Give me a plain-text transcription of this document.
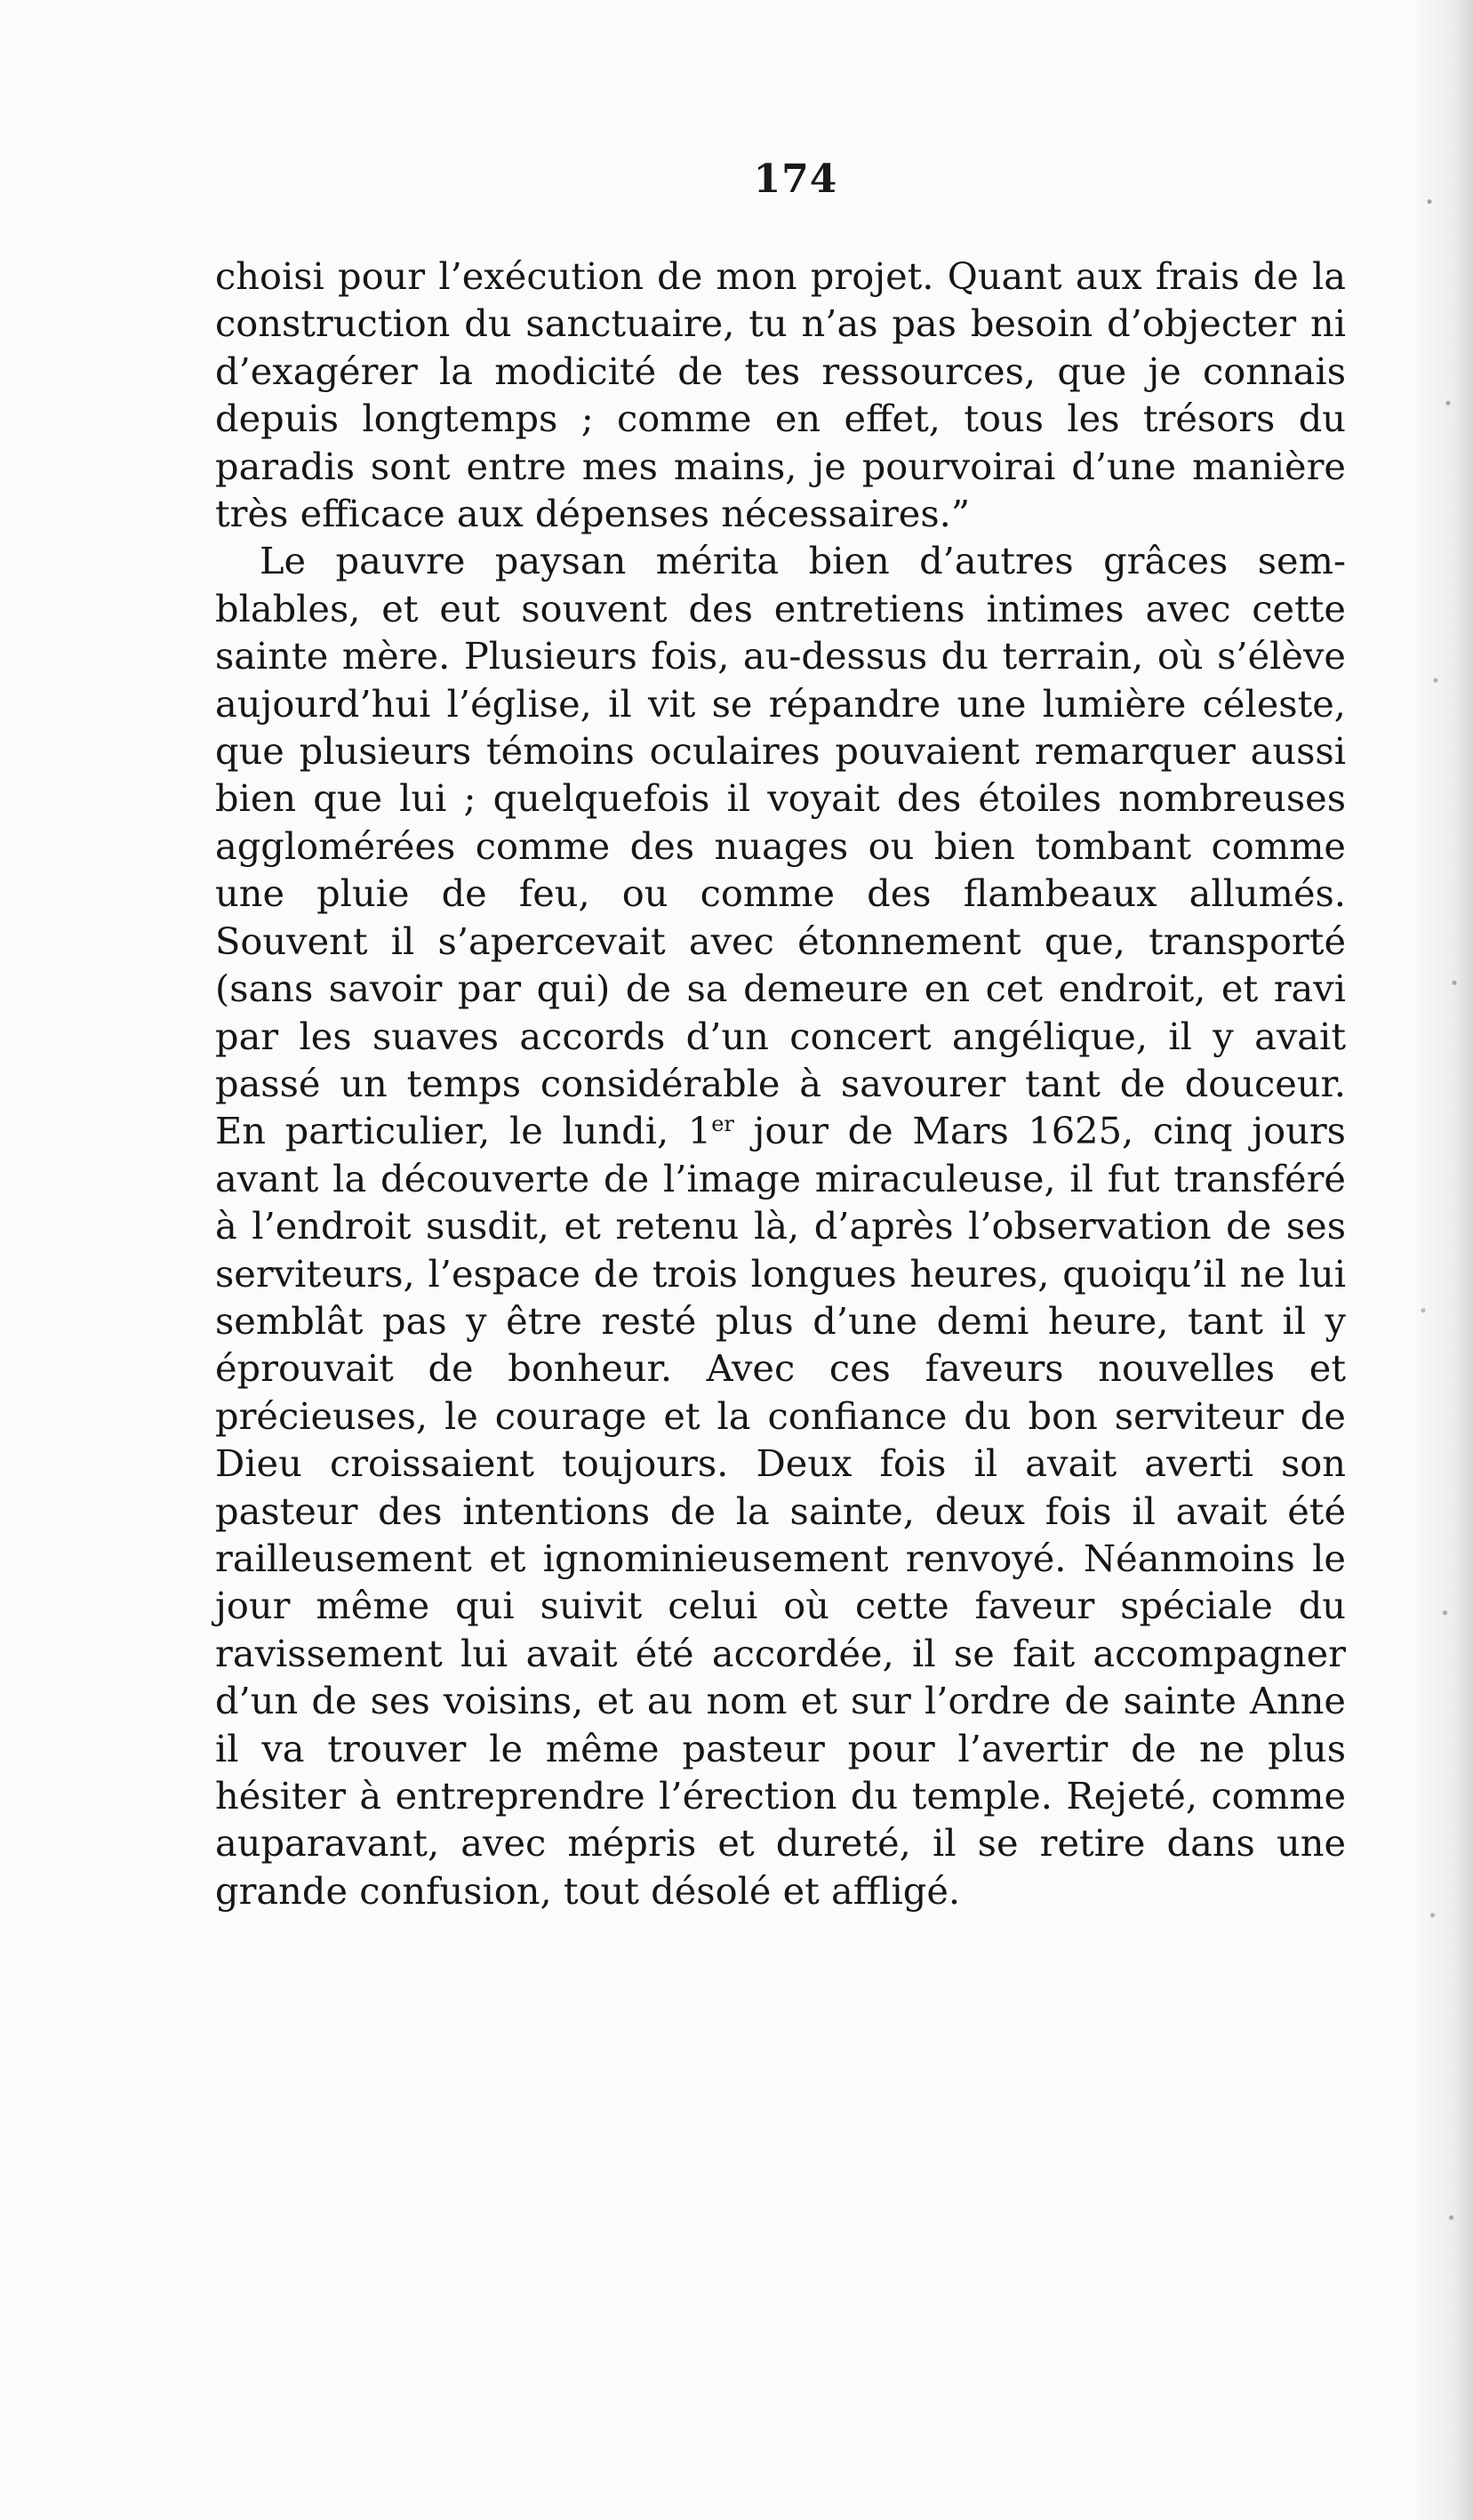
174

choisi pour l’exécution de mon projet. Quant aux frais de la construction du sanctuaire, tu n’as pas besoin d’objecter ni d’exagérer la modicité de tes ressources, que je connais depuis longtemps ; comme en effet, tous les trésors du paradis sont entre mes mains, je pourvoirai d’une manière très efficace aux dépenses nécessaires.”

Le pauvre paysan mérita bien d’autres grâces semblables, et eut souvent des entretiens intimes avec cette sainte mère. Plusieurs fois, au-dessus du terrain, où s’élève aujourd’hui l’église, il vit se répandre une lumière céleste, que plusieurs témoins oculaires pouvaient remarquer aussi bien que lui ; quelquefois il voyait des étoiles nombreuses agglomérées comme des nuages ou bien tombant comme une pluie de feu, ou comme des flambeaux allumés. Souvent il s’apercevait avec étonnement que, transporté (sans savoir par qui) de sa demeure en cet endroit, et ravi par les suaves accords d’un concert angélique, il y avait passé un temps considérable à savourer tant de douceur. En particulier, le lundi, 1er jour de Mars 1625, cinq jours avant la découverte de l’image miraculeuse, il fut transféré à l’endroit susdit, et retenu là, d’après l’observation de ses serviteurs, l’espace de trois longues heures, quoiqu’il ne lui semblât pas y être resté plus d’une demi heure, tant il y éprouvait de bonheur. Avec ces faveurs nouvelles et précieuses, le courage et la confiance du bon serviteur de Dieu croissaient toujours. Deux fois il avait averti son pasteur des intentions de la sainte, deux fois il avait été railleusement et ignominieusement renvoyé. Néanmoins le jour même qui suivit celui où cette faveur spéciale du ravissement lui avait été accordée, il se fait accompagner d’un de ses voisins, et au nom et sur l’ordre de sainte Anne il va trouver le même pasteur pour l’avertir de ne plus hésiter à entreprendre l’érection du temple. Rejeté, comme auparavant, avec mépris et dureté, il se retire dans une grande confusion, tout désolé et affligé.
